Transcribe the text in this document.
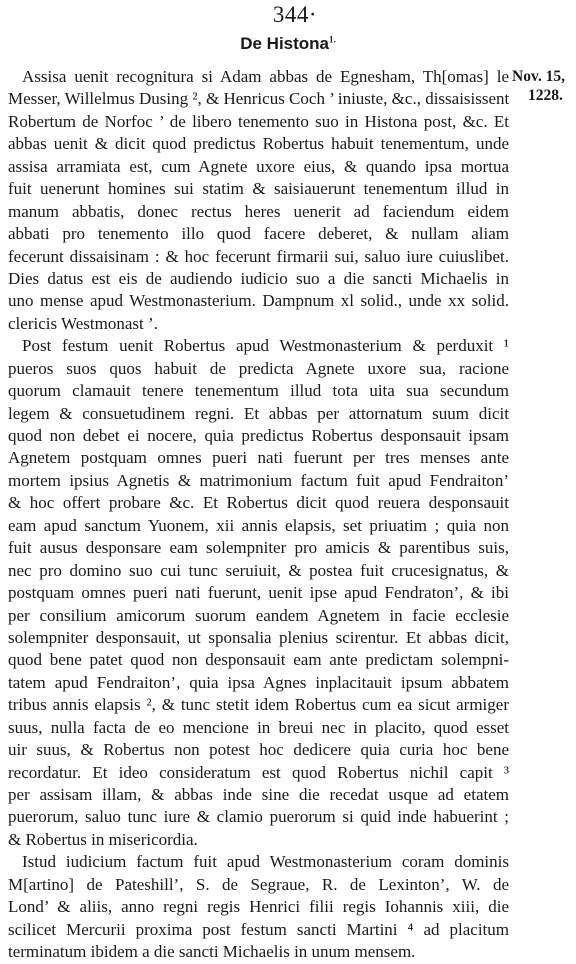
344·
De Histona$^{1.}$
Nov. 15,
1228.
Assisa uenit recognitura si Adam abbas de Egnesham, Th[omas] le
Messer, Willelmus Dusing ², & Henricus Coch ’ iniuste, &c., dissaisissent
Robertum de Norfoc ’ de libero tenemento suo in Histona post, &c. Et
abbas uenit & dicit quod predictus Robertus habuit tenementum, unde
assisa arramiata est, cum Agnete uxore eius, & quando ipsa mortua
fuit uenerunt homines sui statim & saisiauerunt tenementum illud in
manum abbatis, donec rectus heres uenerit ad faciendum eidem
abbati pro tenemento illo quod facere deberet, & nullam aliam
fecerunt dissaisinam : & hoc fecerunt firmarii sui, saluo iure cuiuslibet.
Dies datus est eis de audiendo iudicio suo a die sancti Michaelis in
uno mense apud Westmonasterium. Dampnum xl solid., unde xx solid.
clericis Westmonast ’.
Post festum uenit Robertus apud Westmonasterium & perduxit ¹
pueros suos quos habuit de predicta Agnete uxore sua, racione
quorum clamauit tenere tenementum illud tota uita sua secundum
legem & consuetudinem regni. Et abbas per attornatum suum dicit
quod non debet ei nocere, quia predictus Robertus desponsauit ipsam
Agnetem postquam omnes pueri nati fuerunt per tres menses ante
mortem ipsius Agnetis & matrimonium factum fuit apud Fendraiton’
& hoc offert probare &c. Et Robertus dicit quod reuera desponsauit
eam apud sanctum Yuonem, xii annis elapsis, set priuatim ; quia non
fuit ausus desponsare eam solempniter pro amicis & parentibus suis,
nec pro domino suo cui tunc seruiuit, & postea fuit crucesignatus, &
postquam omnes pueri nati fuerunt, uenit ipse apud Fendraton’, & ibi
per consilium amicorum suorum eandem Agnetem in facie ecclesie
solempniter desponsauit, ut sponsalia plenius scirentur. Et abbas dicit,
quod bene patet quod non desponsauit eam ante predictam solempni-
tatem apud Fendraiton’, quia ipsa Agnes inplacitauit ipsum abbatem
tribus annis elapsis ², & tunc stetit idem Robertus cum ea sicut armiger
suus, nulla facta de eo mencione in breui nec in placito, quod esset
uir suus, & Robertus non potest hoc dedicere quia curia hoc bene
recordatur. Et ideo consideratum est quod Robertus nichil capit ³
per assisam illam, & abbas inde sine die recedat usque ad etatem
puerorum, saluo tunc iure & clamio puerorum si quid inde habuerint ;
& Robertus in misericordia.
Istud iudicium factum fuit apud Westmonasterium coram dominis
M[artino] de Pateshill’, S. de Segraue, R. de Lexinton’, W. de
Lond’ & aliis, anno regni regis Henrici filii regis Iohannis xiii, die
scilicet Mercurii proxima post festum sancti Martini ⁴ ad placitum
terminatum ibidem a die sancti Michaelis in unum mensem.
